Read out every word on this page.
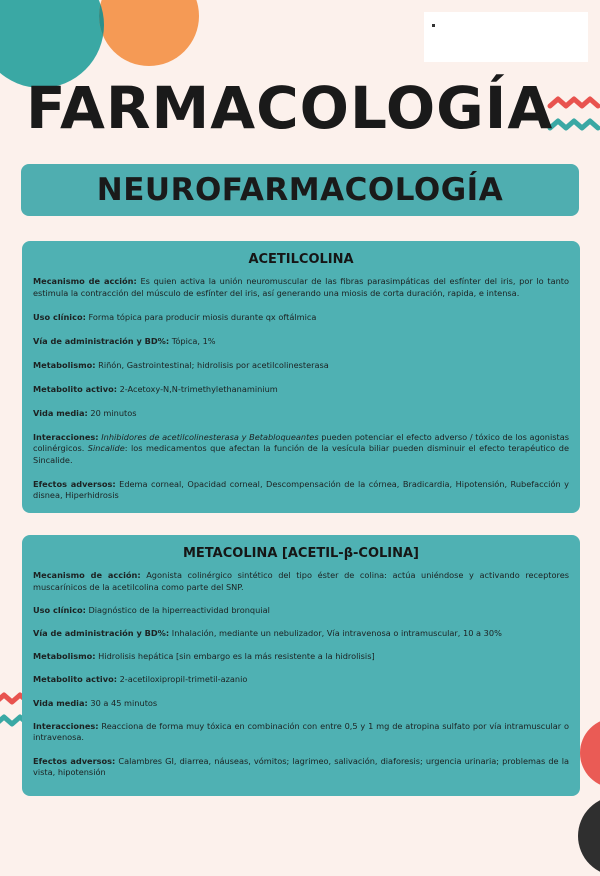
FARMACOLOGÍA
NEUROFARMACOLOGÍA
ACETILCOLINA

Mecanismo de acción: Es quien activa la unión neuromuscular de las fibras parasimpáticas del esfínter del iris, por lo tanto estimula la contracción del músculo de esfínter del iris, así generando una miosis de corta duración, rapida, e intensa.

Uso clínico: Forma tópica para producir miosis durante qx oftálmica

Vía de administración y BD%: Tópica, 1%

Metabolismo: Riñón, Gastrointestinal; hidrolisis por acetilcolinesterasa

Metabolito activo: 2-Acetoxy-N,N-trimethylethanaminium

Vida media: 20 minutos

Interacciones: Inhibidores de acetilcolinesterasa y Betabloqueantes pueden potenciar el efecto adverso / tóxico de los agonistas colinérgicos. Sincalide: los medicamentos que afectan la función de la vesícula biliar pueden disminuir el efecto terapéutico de Sincalide.

Efectos adversos: Edema corneal, Opacidad corneal, Descompensación de la córnea, Bradicardia, Hipotensión, Rubefacción y disnea, Hiperhidrosis

METACOLINA [ACETIL-β-COLINA]

Mecanismo de acción: Agonista colinérgico sintético del tipo éster de colina: actúa uniéndose y activando receptores muscarínicos de la acetilcolina como parte del SNP.

Uso clínico: Diagnóstico de la hiperreactividad bronquial

Vía de administración y BD%: Inhalación, mediante un nebulizador, Vía intravenosa o intramuscular, 10 a 30%

Metabolismo: Hidrolisis hepática [sin embargo es la más resistente a la hidrolisis]

Metabolito activo: 2-acetiloxipropil-trimetil-azanio

Vida media: 30 a 45 minutos

Interacciones: Reacciona de forma muy tóxica en combinación con entre 0,5 y 1 mg de atropina sulfato por vía intramuscular o intravenosa.

Efectos adversos: Calambres GI, diarrea, náuseas, vómitos; lagrimeo, salivación, diaforesis; urgencia urinaria; problemas de la vista, hipotensión
